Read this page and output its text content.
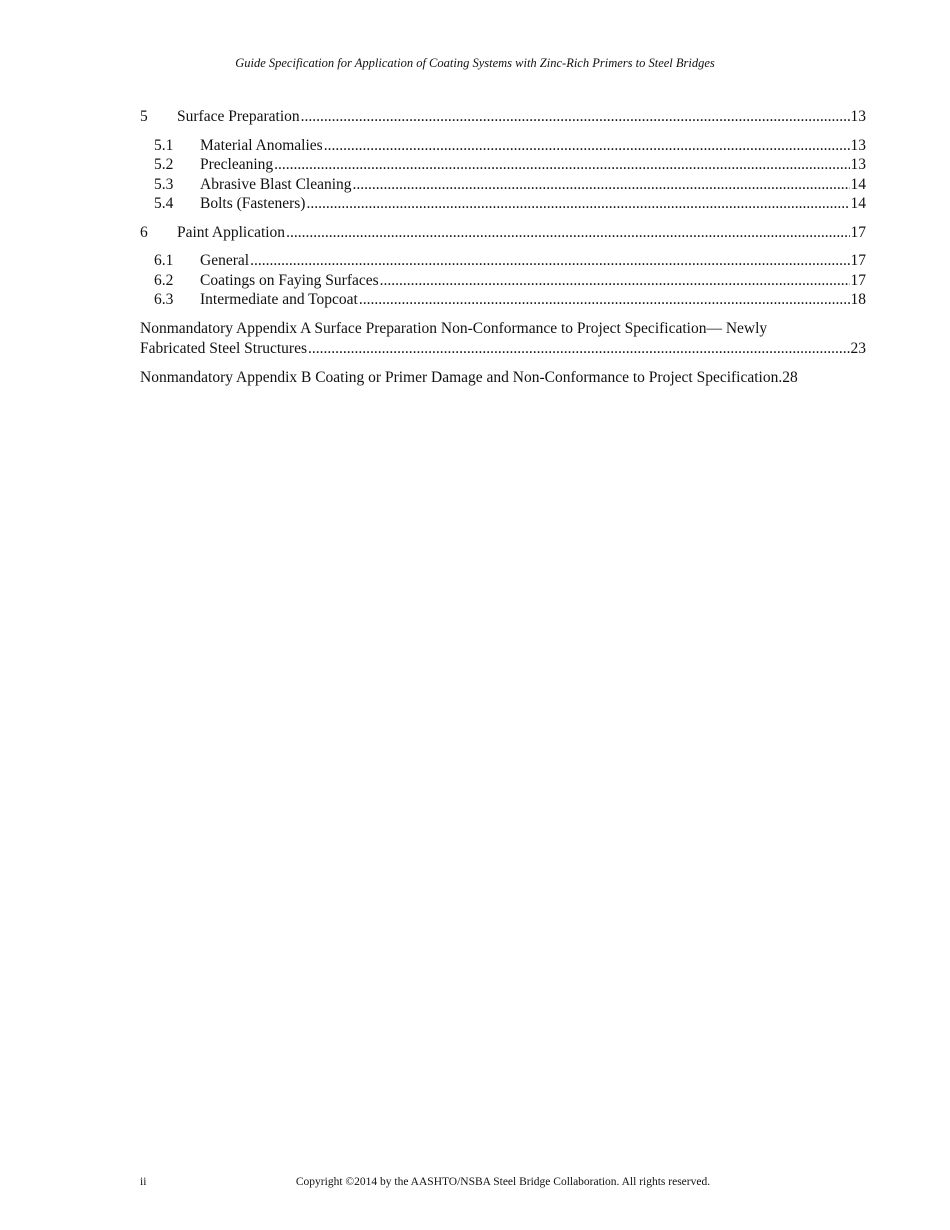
Guide Specification for Application of Coating Systems with Zinc-Rich Primers to Steel Bridges
5	Surface Preparation .....	13
5.1	Material Anomalies .....	13
5.2	Precleaning .....	13
5.3	Abrasive Blast Cleaning .....	14
5.4	Bolts (Fasteners) .....	14
6	Paint Application .....	17
6.1	General .....	17
6.2	Coatings on Faying Surfaces .....	17
6.3	Intermediate and Topcoat .....	18
Nonmandatory Appendix A Surface Preparation Non-Conformance to Project Specification— Newly
Fabricated Steel Structures .....	23
Nonmandatory Appendix B Coating or Primer Damage and Non-Conformance to Project Specification. 28
ii	Copyright ©2014 by the AASHTO/NSBA Steel Bridge Collaboration. All rights reserved.
